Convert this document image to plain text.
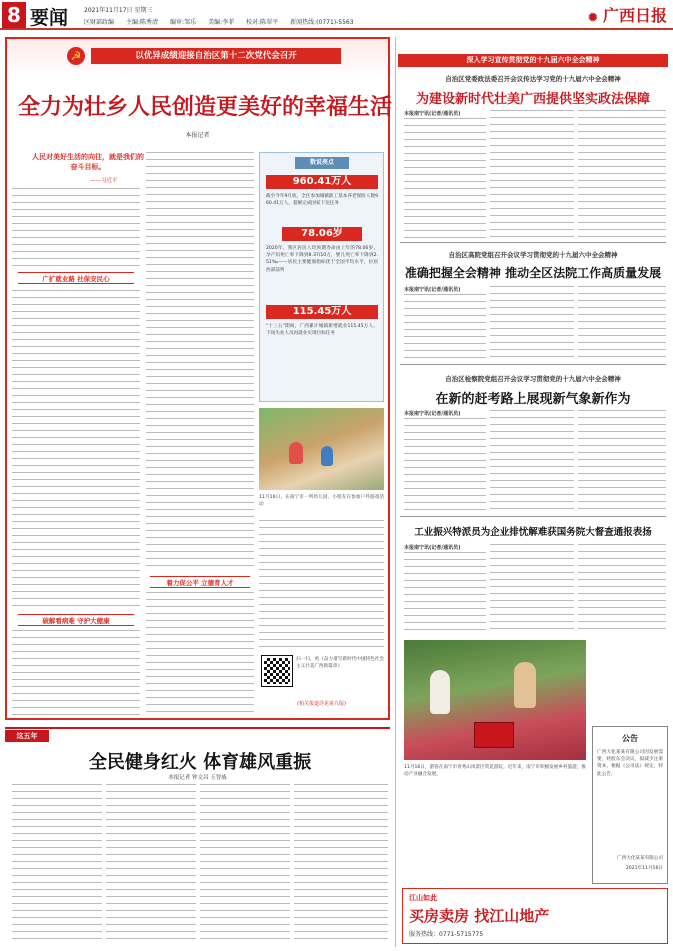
8 要闻	2021年11月17日 星期三
区财部政编 主编:陈秀清 编审:邹乐 美编:李菲 校对:陈翠平 新闻热线:(0771)-5563	✺ 广西日报
☭	以优异成绩迎接自治区第十二次党代会召开
全力为壮乡人民创造更美好的幸福生活
本报记者
人民对美好生活的向往，就是我们的奋斗目标。
——习近平
广扩就业路 社保安民心
破解看病难 守护大健康
着力促公平 立德育人才
数说亮点
960.41万人
截至今年9月底，全区参加城镇职工基本养老保险人数960.41万人，超额完成国家下达任务
78.06岁
2020年，我区居民人均预期寿命由上年的78.06岁，孕产妇死亡率下降到8.37/10万，婴儿死亡率下降到2.51‰——居民主要健康指标优于全国平均水平，位居西部前列
115.45万人
"十三五"期间，广西累计城镇新增就业115.45万人，下岗失业人员再就业实现目标任务
11月16日，在南宁市一所幼儿园，小朋友在参加户外游戏活动
扫一扫，看《奋力谱写新时代中国特色社会主义壮美广西新篇章》
(相关报道详见第九版)
深入学习宣传贯彻党的十九届六中全会精神
自治区党委政法委召开会议传达学习党的十九届六中全会精神
为建设新时代壮美广西提供坚实政法保障
本报南宁讯(记者/通讯员)
自治区高院党组召开会议学习贯彻党的十九届六中全会精神
准确把握全会精神 推动全区法院工作高质量发展
本报南宁讯(记者/通讯员)
自治区检察院党组召开会议学习贯彻党的十九届六中全会精神
在新的赶考路上展现新气象新作为
本报南宁讯(记者/通讯员)
工业振兴特派员为企业排忧解难获国务院大督查通报表扬
本报南宁讯(记者/通讯员)
11月16日，游客在南宁市青秀山风景区赏花游玩。近年来，南宁市积极发展乡村旅游，推动产业融合发展。
公告
广西大化某某有限公司因发展需要，经股东会决议，拟减少注册资本，根据《公司法》规定，特此公告。
广西大化某某有限公司
2021年11月16日
江山如此
买房卖房 找江山地产
服务热线：0771-5715775
这五年
全民健身红火 体育雄风重振
本报记者 钟文昌 玉智威
